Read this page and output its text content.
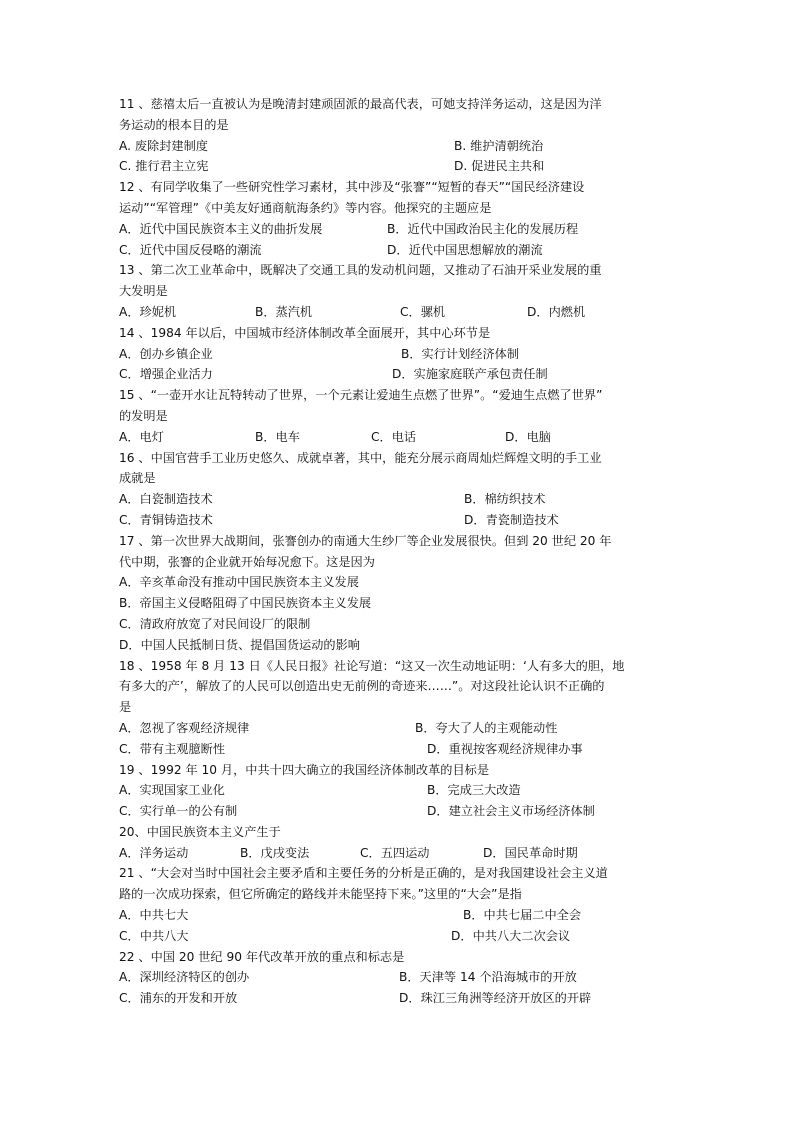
11 、慈禧太后一直被认为是晚清封建顽固派的最高代表，可她支持洋务运动，这是因为洋
务运动的根本目的是
A. 废除封建制度	B. 维护清朝统治
C. 推行君主立宪	D. 促进民主共和
12 、有同学收集了一些研究性学习素材，其中涉及“张謇”“短暂的春天”“国民经济建设
运动”“军管理”《中美友好通商航海条约》等内容。他探究的主题应是
A．近代中国民族资本主义的曲折发展	B．近代中国政治民主化的发展历程
C．近代中国反侵略的潮流	D．近代中国思想解放的潮流
13 、第二次工业革命中，既解决了交通工具的发动机问题，又推动了石油开采业发展的重
大发明是
A．珍妮机	B．蒸汽机	C．骡机	D．内燃机
14 、1984 年以后，中国城市经济体制改革全面展开，其中心环节是
A．创办乡镇企业	B．实行计划经济体制
C．增强企业活力	D．实施家庭联产承包责任制
15 、“一壶开水让瓦特转动了世界，一个元素让爱迪生点燃了世界”。“爱迪生点燃了世界”
的发明是
A．电灯	B．电车	C．电话	D．电脑
16 、中国官营手工业历史悠久、成就卓著，其中，能充分展示商周灿烂辉煌文明的手工业
成就是
A．白瓷制造技术	B．棉纺织技术
C．青铜铸造技术	D．青瓷制造技术
17 、第一次世界大战期间，张謇创办的南通大生纱厂等企业发展很快。但到 20 世纪 20 年
代中期，张謇的企业就开始每况愈下。这是因为
A．辛亥革命没有推动中国民族资本主义发展
B．帝国主义侵略阻碍了中国民族资本主义发展
C．清政府放宽了对民间设厂的限制
D．中国人民抵制日货、提倡国货运动的影响
18 、1958 年 8 月 13 日《人民日报》社论写道：“这又一次生动地证明：‘人有多大的胆，地
有多大的产’，解放了的人民可以创造出史无前例的奇迹来……”。对这段社论认识不正确的
是
A．忽视了客观经济规律	B．夸大了人的主观能动性
C．带有主观臆断性	D．重视按客观经济规律办事
19 、1992 年 10 月，中共十四大确立的我国经济体制改革的目标是
A．实现国家工业化	B．完成三大改造
C．实行单一的公有制	D．建立社会主义市场经济体制
20、中国民族资本主义产生于
A．洋务运动	B．戊戌变法	C．五四运动	D．国民革命时期
21 、“大会对当时中国社会主要矛盾和主要任务的分析是正确的，是对我国建设社会主义道
路的一次成功探索，但它所确定的路线并未能坚持下来。”这里的“大会”是指
A．中共七大	B．中共七届二中全会
C．中共八大	D．中共八大二次会议
22 、中国 20 世纪 90 年代改革开放的重点和标志是
A．深圳经济特区的创办	B．天津等 14 个沿海城市的开放
C．浦东的开发和开放	D．珠江三角洲等经济开放区的开辟
